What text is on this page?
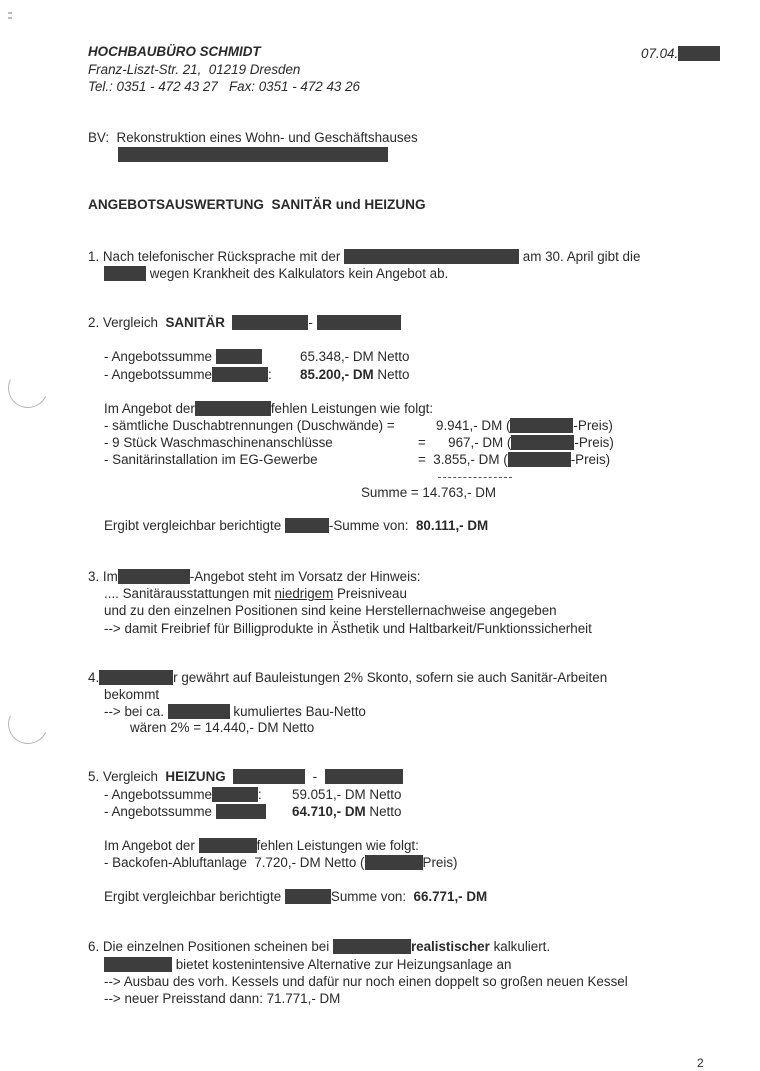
HOCHBAUBÜRO SCHMIDT
Franz-Liszt-Str. 21,  01219 Dresden
Tel.: 0351 - 472 43 27   Fax: 0351 - 472 43 26
07.04.
BV: Rekonstruktion eines Wohn- und Geschäftshauses
ANGEBOTSAUSWERTUNG  SANITÄR und HEIZUNG
1. Nach telefonischer Rücksprache mit der	am 30. April gibt die
wegen Krankheit des Kalkulators kein Angebot ab.
2. Vergleich  SANITÄR	-
- Angebotssumme	65.348,- DM Netto
- Angebotssumme	: 85.200,- DM Netto
Im Angebot der	fehlen Leistungen wie folgt:
- sämtliche Duschabtrennungen (Duschwände) =	9.941,- DM (	-Preis)
- 9 Stück Waschmaschinenanschlüsse	=      967,- DM (	-Preis)
- Sanitärinstallation im EG-Gewerbe	=  3.855,- DM (	-Preis)
Summe = 14.763,- DM
Ergibt vergleichbar berichtigte	-Summe von:  80.111,- DM
3. Im	-Angebot steht im Vorsatz der Hinweis:
.... Sanitärausstattungen mit niedrigem Preisniveau
und zu den einzelnen Positionen sind keine Herstellernachweise angegeben
--> damit Freibrief für Billigprodukte in Ästhetik und Haltbarkeit/Funktionssicherheit
4.	r gewährt auf Bauleistungen 2% Skonto, sofern sie auch Sanitär-Arbeiten
bekommt
--> bei ca.	kumuliertes Bau-Netto
wären 2% = 14.440,- DM Netto
5. Vergleich  HEIZUNG	-
- Angebotssumme	: 59.051,- DM Netto
- Angebotssumme	64.710,- DM Netto
Im Angebot der	fehlen Leistungen wie folgt:
- Backofen-Abluftanlage  7.720,- DM Netto (	Preis)
Ergibt vergleichbar berichtigte	Summe von:  66.771,- DM
6. Die einzelnen Positionen scheinen bei	realistischer kalkuliert.
bietet kostenintensive Alternative zur Heizungsanlage an
--> Ausbau des vorh. Kessels und dafür nur noch einen doppelt so großen neuen Kessel
--> neuer Preisstand dann: 71.771,- DM
2
